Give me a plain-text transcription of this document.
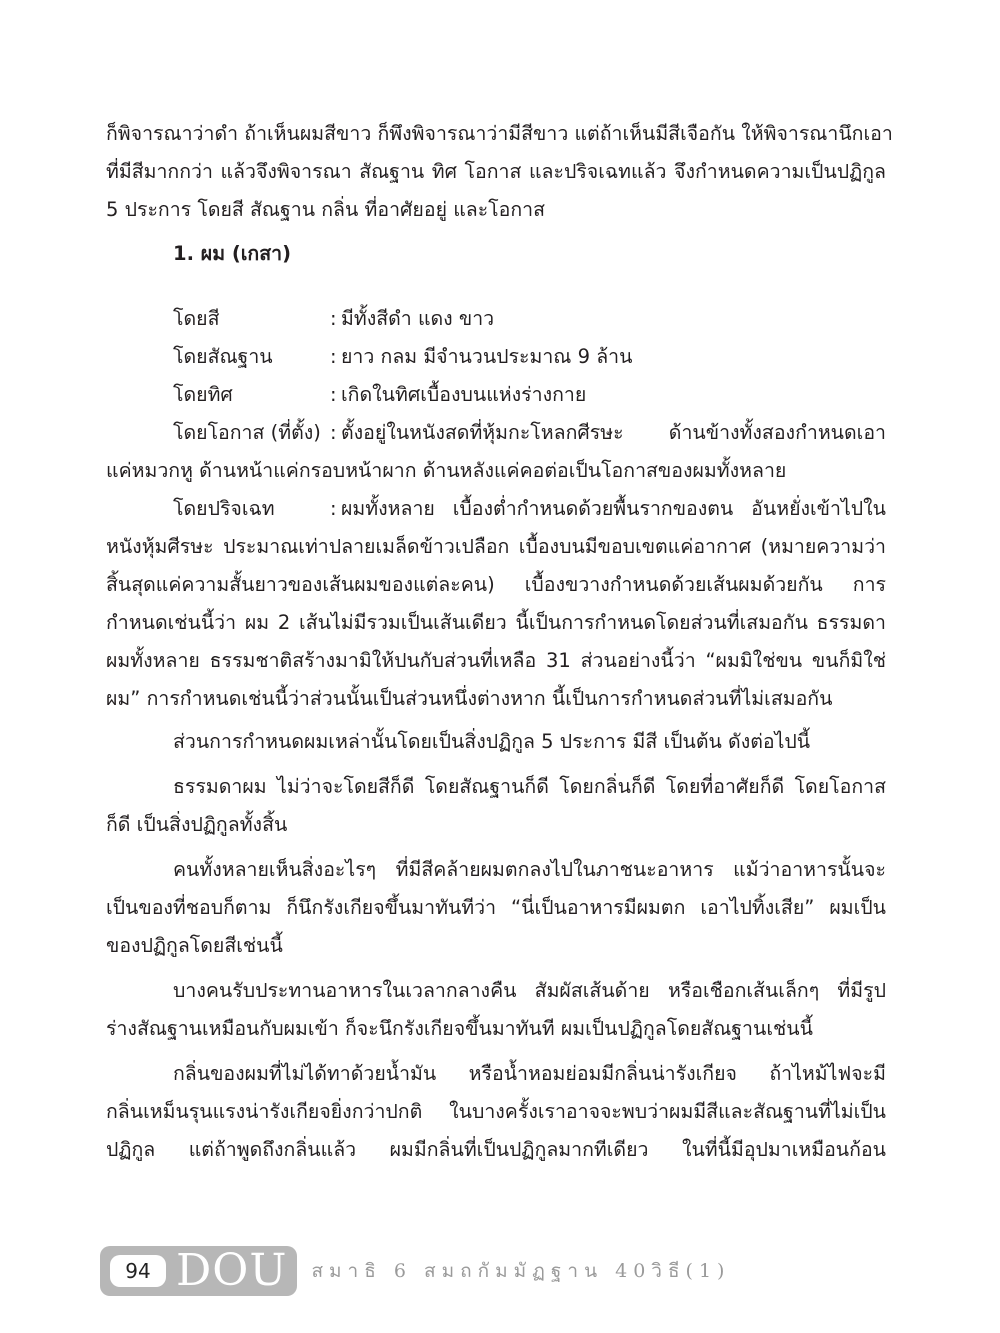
ก็พิจารณาว่าดำ ถ้าเห็นผมสีขาว ก็พึงพิจารณาว่ามีสีขาว แต่ถ้าเห็นมีสีเจือกัน ให้พิจารณานึกเอา
ที่มีสีมากกว่า แล้วจึงพิจารณา สัณฐาน ทิศ โอกาส และปริจเฉทแล้ว จึงกำหนดความเป็นปฏิกูล
5 ประการ โดยสี สัณฐาน กลิ่น ที่อาศัยอยู่ และโอกาส
1. ผม (เกสา)
โดยสี	: มีทั้งสีดำ แดง ขาว
โดยสัณฐาน	: ยาว กลม มีจำนวนประมาณ 9 ล้าน
โดยทิศ	: เกิดในทิศเบื้องบนแห่งร่างกาย
โดยโอกาส (ที่ตั้ง) : ตั้งอยู่ในหนังสดที่หุ้มกะโหลกศีรษะ ด้านข้างทั้งสองกำหนดเอา
แค่หมวกหู ด้านหน้าแค่กรอบหน้าผาก ด้านหลังแค่คอต่อเป็นโอกาสของผมทั้งหลาย
โดยปริจเฉท	: ผมทั้งหลาย เบื้องต่ำกำหนดด้วยพื้นรากของตน อันหยั่งเข้าไปใน
หนังหุ้มศีรษะ ประมาณเท่าปลายเมล็ดข้าวเปลือก เบื้องบนมีขอบเขตแค่อากาศ (หมายความว่า
สิ้นสุดแค่ความสั้นยาวของเส้นผมของแต่ละคน) เบื้องขวางกำหนดด้วยเส้นผมด้วยกัน การ
กำหนดเช่นนี้ว่า ผม 2 เส้นไม่มีรวมเป็นเส้นเดียว นี้เป็นการกำหนดโดยส่วนที่เสมอกัน ธรรมดา
ผมทั้งหลาย ธรรมชาติสร้างมามิให้ปนกับส่วนที่เหลือ 31 ส่วนอย่างนี้ว่า “ผมมิใช่ขน ขนก็มิใช่
ผม” การกำหนดเช่นนี้ว่าส่วนนั้นเป็นส่วนหนึ่งต่างหาก นี้เป็นการกำหนดส่วนที่ไม่เสมอกัน
ส่วนการกำหนดผมเหล่านั้นโดยเป็นสิ่งปฏิกูล 5 ประการ มีสี เป็นต้น ดังต่อไปนี้
ธรรมดาผม ไม่ว่าจะโดยสีก็ดี โดยสัณฐานก็ดี โดยกลิ่นก็ดี โดยที่อาศัยก็ดี โดยโอกาส
ก็ดี เป็นสิ่งปฏิกูลทั้งสิ้น
คนทั้งหลายเห็นสิ่งอะไรๆ ที่มีสีคล้ายผมตกลงไปในภาชนะอาหาร แม้ว่าอาหารนั้นจะ
เป็นของที่ชอบก็ตาม ก็นึกรังเกียจขึ้นมาทันทีว่า “นี่เป็นอาหารมีผมตก เอาไปทิ้งเสีย” ผมเป็น
ของปฏิกูลโดยสีเช่นนี้
บางคนรับประทานอาหารในเวลากลางคืน สัมผัสเส้นด้าย หรือเชือกเส้นเล็กๆ ที่มีรูป
ร่างสัณฐานเหมือนกับผมเข้า ก็จะนึกรังเกียจขึ้นมาทันที ผมเป็นปฏิกูลโดยสัณฐานเช่นนี้
กลิ่นของผมที่ไม่ได้ทาด้วยน้ำมัน หรือน้ำหอมย่อมมีกลิ่นน่ารังเกียจ ถ้าไหม้ไฟจะมี
กลิ่นเหม็นรุนแรงน่ารังเกียจยิ่งกว่าปกติ ในบางครั้งเราอาจจะพบว่าผมมีสีและสัณฐานที่ไม่เป็น
ปฏิกูล แต่ถ้าพูดถึงกลิ่นแล้ว ผมมีกลิ่นที่เป็นปฏิกูลมากทีเดียว ในที่นี้มีอุปมาเหมือนก้อน
94 DOU สมาธิ 6 สมถกัมมัฏฐาน 40วิธี(1)
